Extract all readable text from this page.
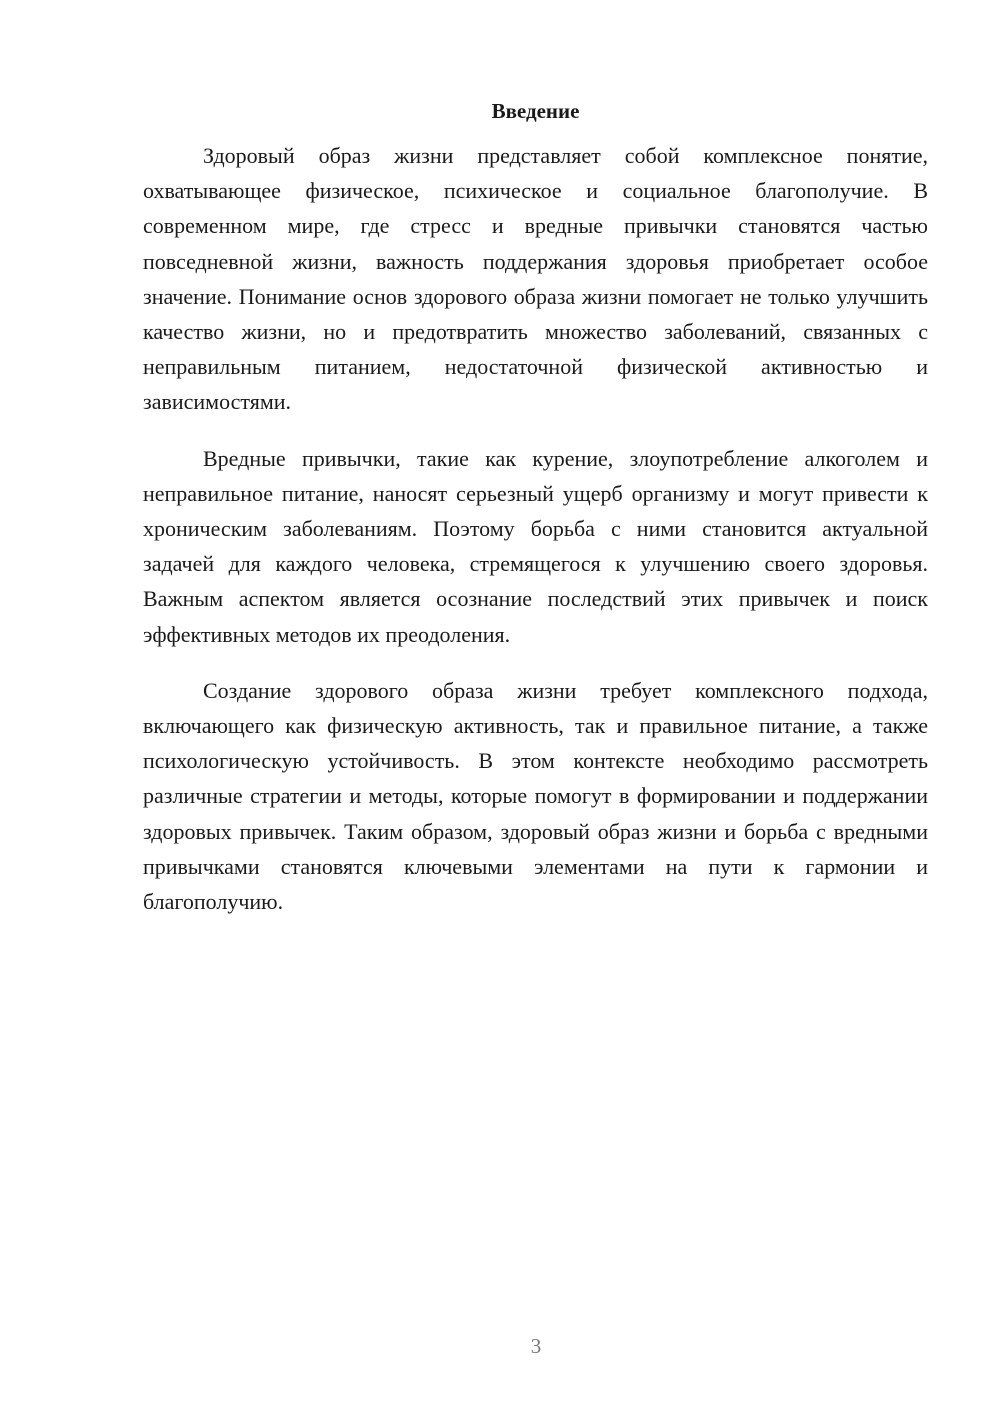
Введение

Здоровый образ жизни представляет собой комплексное понятие, охватывающее физическое, психическое и социальное благополучие. В современном мире, где стресс и вредные привычки становятся частью повседневной жизни, важность поддержания здоровья приобретает особое значение. Понимание основ здорового образа жизни помогает не только улучшить качество жизни, но и предотвратить множество заболеваний, связанных с неправильным питанием, недостаточной физической активностью и зависимостями.

Вредные привычки, такие как курение, злоупотребление алкоголем и неправильное питание, наносят серьезный ущерб организму и могут привести к хроническим заболеваниям. Поэтому борьба с ними становится актуальной задачей для каждого человека, стремящегося к улучшению своего здоровья. Важным аспектом является осознание последствий этих привычек и поиск эффективных методов их преодоления.

Создание здорового образа жизни требует комплексного подхода, включающего как физическую активность, так и правильное питание, а также психологическую устойчивость. В этом контексте необходимо рассмотреть различные стратегии и методы, которые помогут в формировании и поддержании здоровых привычек. Таким образом, здоровый образ жизни и борьба с вредными привычками становятся ключевыми элементами на пути к гармонии и благополучию.

3
